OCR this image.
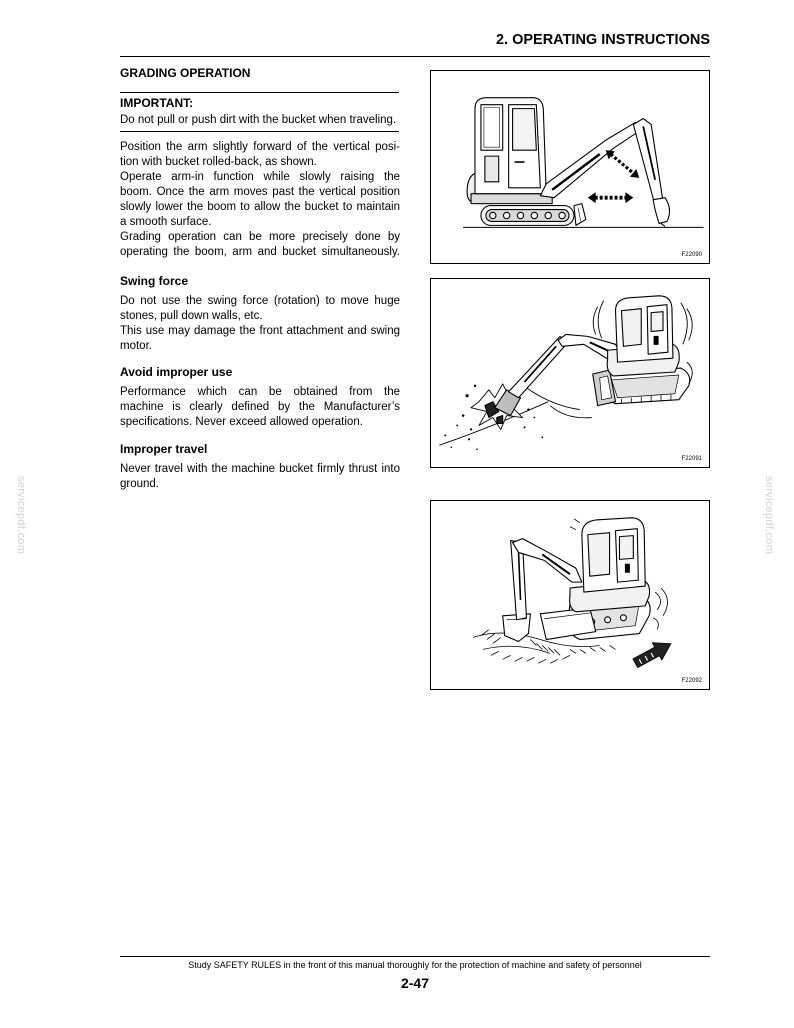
2. OPERATING INSTRUCTIONS
servicepdf.com	servicepdf.com
GRADING OPERATION
IMPORTANT:
Do not pull or push dirt with the bucket when traveling.
Position the arm slightly forward of the vertical posi-
tion with bucket rolled-back, as shown.
Operate arm-in function while slowly raising the
boom. Once the arm moves past the vertical position
slowly lower the boom to allow the bucket to maintain
a smooth surface.
Grading operation can be more precisely done by
operating the boom, arm and bucket simultaneously.
Swing force
Do not use the swing force (rotation) to move huge
stones, pull down walls, etc.
This use may damage the front attachment and swing
motor.
Avoid improper use
Performance which can be obtained from the
machine is clearly defined by the Manufacturer’s
specifications. Never exceed allowed operation.
Improper travel
Never travel with the machine bucket firmly thrust into
ground.
F22090
F22091
F22092
Study SAFETY RULES in the front of this manual thoroughly for the protection of machine and safety of personnel
2-47
